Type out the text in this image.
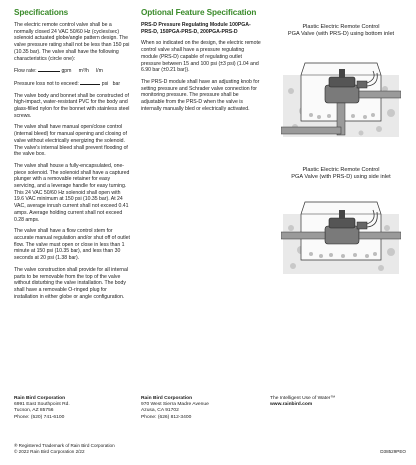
Specifications

The electric remote control valve shall be a normally closed 24 VAC 50/60 Hz (cycles/sec) solenoid actuated globe/angle pattern design. The valve pressure rating shall not be less than 150 psi (10.35 bar). The valve shall have the following characteristics (circle one):

Flow rate:	gpm     m³/h     l/m
Pressure loss not to exceed:	psi   bar

The valve body and bonnet shall be constructed of high-impact, water-resistant PVC for the body and glass-filled nylon for the bonnet with stainless steel screws.

The valve shall have manual open/close control (internal bleed) for manual opening and closing of valve without electrically energizing the solenoid. The valve's internal bleed shall prevent flooding of the valve box.

The valve shall house a fully-encapsulated, one-piece solenoid. The solenoid shall have a captured plunger with a removable retainer for easy servicing, and a leverage handle for easy turning. This 24 VAC 50/60 Hz solenoid shall open with 19.6 VAC minimum at 150 psi (10.35 bar). At 24 VAC, average inrush current shall not exceed 0.41 amps. Average holding current shall not exceed 0.28 amps.

The valve shall have a flow control stem for accurate manual regulation and/or shut off of outlet flow. The valve must open or close in less than 1 minute at 150 psi (10.35 bar), and less than 30 seconds at 20 psi (1.38 bar).

The valve construction shall provide for all internal parts to be removable from the top of the valve without disturbing the valve installation. The body shall have a removable O-ringed plug for installation in either globe or angle configuration.

Optional Feature Specification

PRS-D Pressure Regulating Module 100PGA-PRS-D, 150PGA-PRS-D, 200PGA-PRS-D

When so indicated on the design, the electric remote control valve shall have a pressure regulating module (PRS-D) capable of regulating outlet pressure between 15 and 100 psi (±3 psi) (1.04 and 6.90 bar (±0.21 bar)).

The PRS-D module shall have an adjusting knob for setting pressure and Schrader valve connection for monitoring pressure. The pressure shall be adjustable from the PRS-D when the valve is internally manually bled or electrically activated.

Plastic Electric Remote Control
PGA Valve (with PRS-D) using bottom inlet
Plastic Electric Remote Control
PGA Valve (with PRS-D) using side inlet
Rain Bird Corporation
6991 East Southpoint Rd.
Tucson, AZ 85756
Phone: (520) 741-6100
Rain Bird Corporation
970 West Sierra Madre Avenue
Azusa, CA 91702
Phone: (626) 812-3400
The Intelligent Use of Water™
www.rainbird.com
® Registered Trademark of Rain Bird Corporation
© 2022 Rain Bird Corporation 2/22	D38529PEO
